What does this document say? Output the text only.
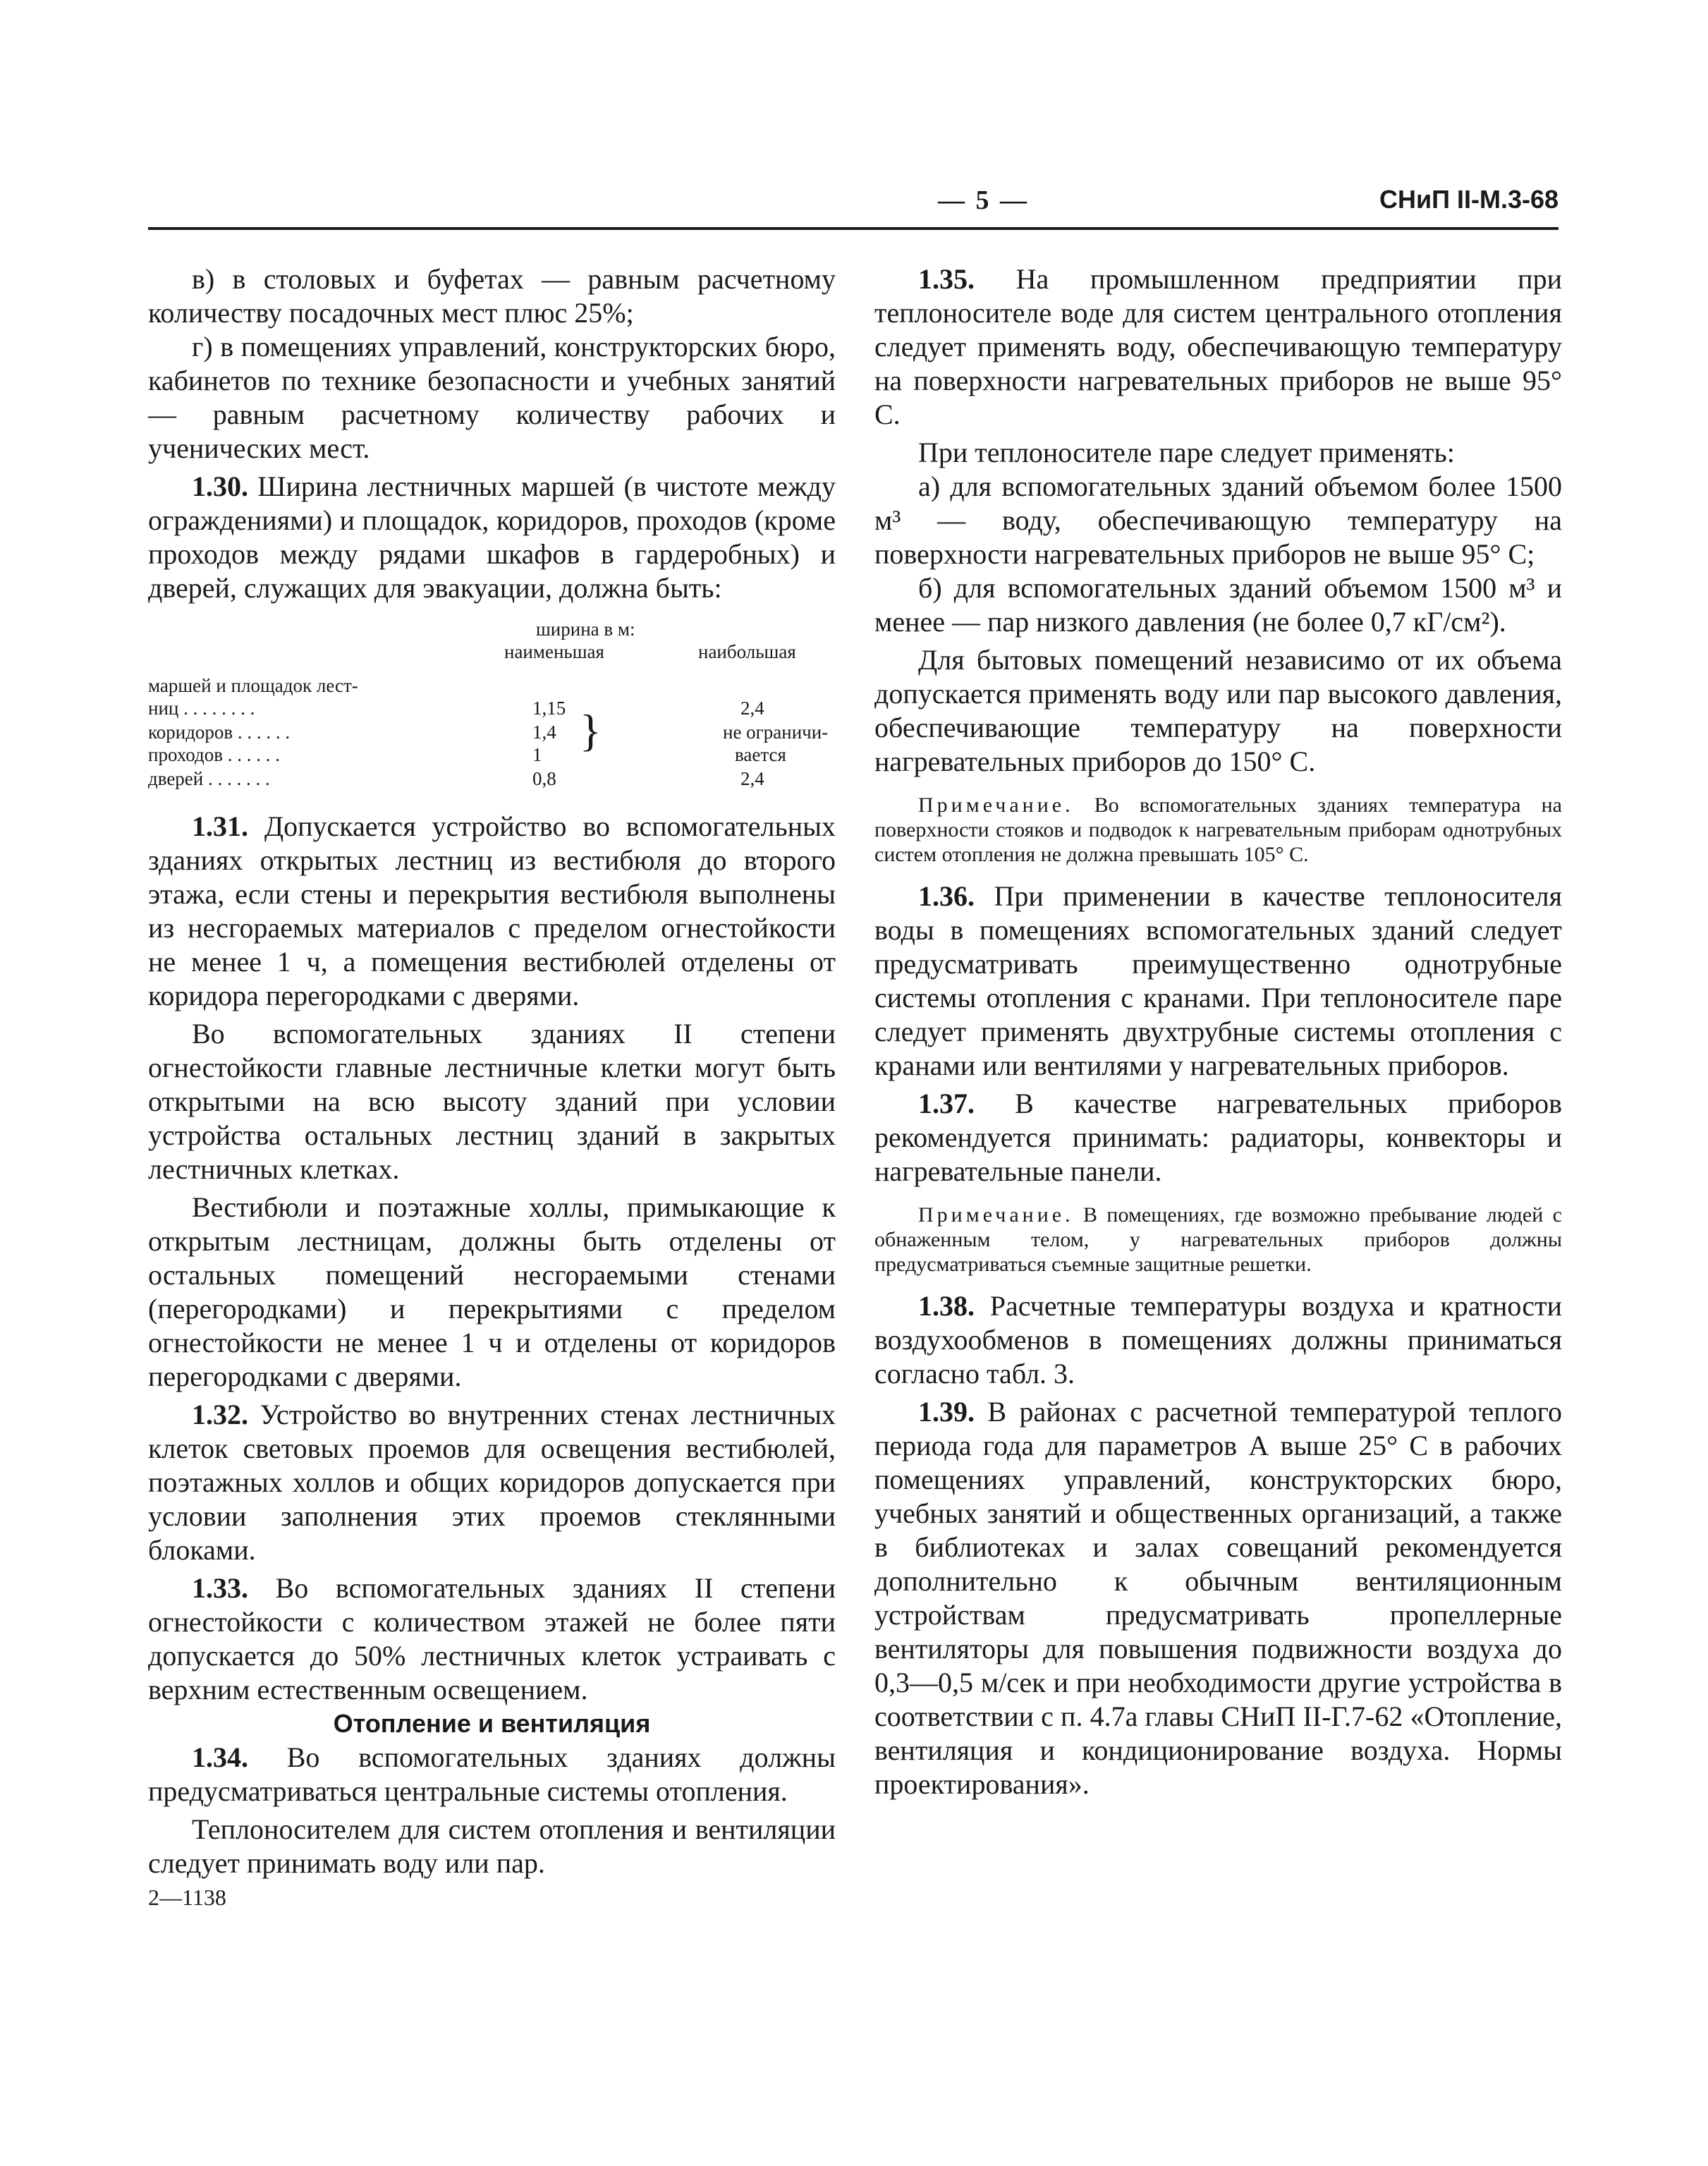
— 5 —	СНиП II-М.3-68

в) в столовых и буфетах — равным расчетному количеству посадочных мест плюс 25%;

г) в помещениях управлений, конструкторских бюро, кабинетов по технике безопасности и учебных занятий — равным расчетному количеству рабочих и ученических мест.

1.30. Ширина лестничных маршей (в чистоте между ограждениями) и площадок, коридоров, проходов (кроме проходов между рядами шкафов в гардеробных) и дверей, служащих для эвакуации, должна быть:

ширина в м:
наименьшая	наибольшая
маршей и площадок лест-
ниц . . . . . . . .	1,15	2,4
коридоров . . . . . .	1,4	не ограничи-
проходов . . . . . .	1	вается
дверей . . . . . . .	0,8	2,4
}

1.31. Допускается устройство во вспомогательных зданиях открытых лестниц из вестибюля до второго этажа, если стены и перекрытия вестибюля выполнены из несгораемых материалов с пределом огнестойкости не менее 1 ч, а помещения вестибюлей отделены от коридора перегородками с дверями.

Во вспомогательных зданиях II степени огнестойкости главные лестничные клетки могут быть открытыми на всю высоту зданий при условии устройства остальных лестниц зданий в закрытых лестничных клетках.

Вестибюли и поэтажные холлы, примыкающие к открытым лестницам, должны быть отделены от остальных помещений несгораемыми стенами (перегородками) и перекрытиями с пределом огнестойкости не менее 1 ч и отделены от коридоров перегородками с дверями.

1.32. Устройство во внутренних стенах лестничных клеток световых проемов для освещения вестибюлей, поэтажных холлов и общих коридоров допускается при условии заполнения этих проемов стеклянными блоками.

1.33. Во вспомогательных зданиях II степени огнестойкости с количеством этажей не более пяти допускается до 50% лестничных клеток устраивать с верхним естественным освещением.

Отопление и вентиляция

1.34. Во вспомогательных зданиях должны предусматриваться центральные системы отопления.

Теплоносителем для систем отопления и вентиляции следует принимать воду или пар.

2—1138

1.35. На промышленном предприятии при теплоносителе воде для систем центрального отопления следует применять воду, обеспечивающую температуру на поверхности нагревательных приборов не выше 95° С.

При теплоносителе паре следует применять:

а) для вспомогательных зданий объемом более 1500 м³ — воду, обеспечивающую температуру на поверхности нагревательных приборов не выше 95° С;

б) для вспомогательных зданий объемом 1500 м³ и менее — пар низкого давления (не более 0,7 кГ/см²).

Для бытовых помещений независимо от их объема допускается применять воду или пар высокого давления, обеспечивающие температуру на поверхности нагревательных приборов до 150° С.

Примечание. Во вспомогательных зданиях температура на поверхности стояков и подводок к нагревательным приборам однотрубных систем отопления не должна превышать 105° С.

1.36. При применении в качестве теплоносителя воды в помещениях вспомогательных зданий следует предусматривать преимущественно однотрубные системы отопления с кранами. При теплоносителе паре следует применять двухтрубные системы отопления с кранами или вентилями у нагревательных приборов.

1.37. В качестве нагревательных приборов рекомендуется принимать: радиаторы, конвекторы и нагревательные панели.

Примечание. В помещениях, где возможно пребывание людей с обнаженным телом, у нагревательных приборов должны предусматриваться съемные защитные решетки.

1.38. Расчетные температуры воздуха и кратности воздухообменов в помещениях должны приниматься согласно табл. 3.

1.39. В районах с расчетной температурой теплого периода года для параметров А выше 25° С в рабочих помещениях управлений, конструкторских бюро, учебных занятий и общественных организаций, а также в библиотеках и залах совещаний рекомендуется дополнительно к обычным вентиляционным устройствам предусматривать пропеллерные вентиляторы для повышения подвижности воздуха до 0,3—0,5 м/сек и при необходимости другие устройства в соответствии с п. 4.7а главы СНиП II-Г.7-62 «Отопление, вентиляция и кондиционирование воздуха. Нормы проектирования».
